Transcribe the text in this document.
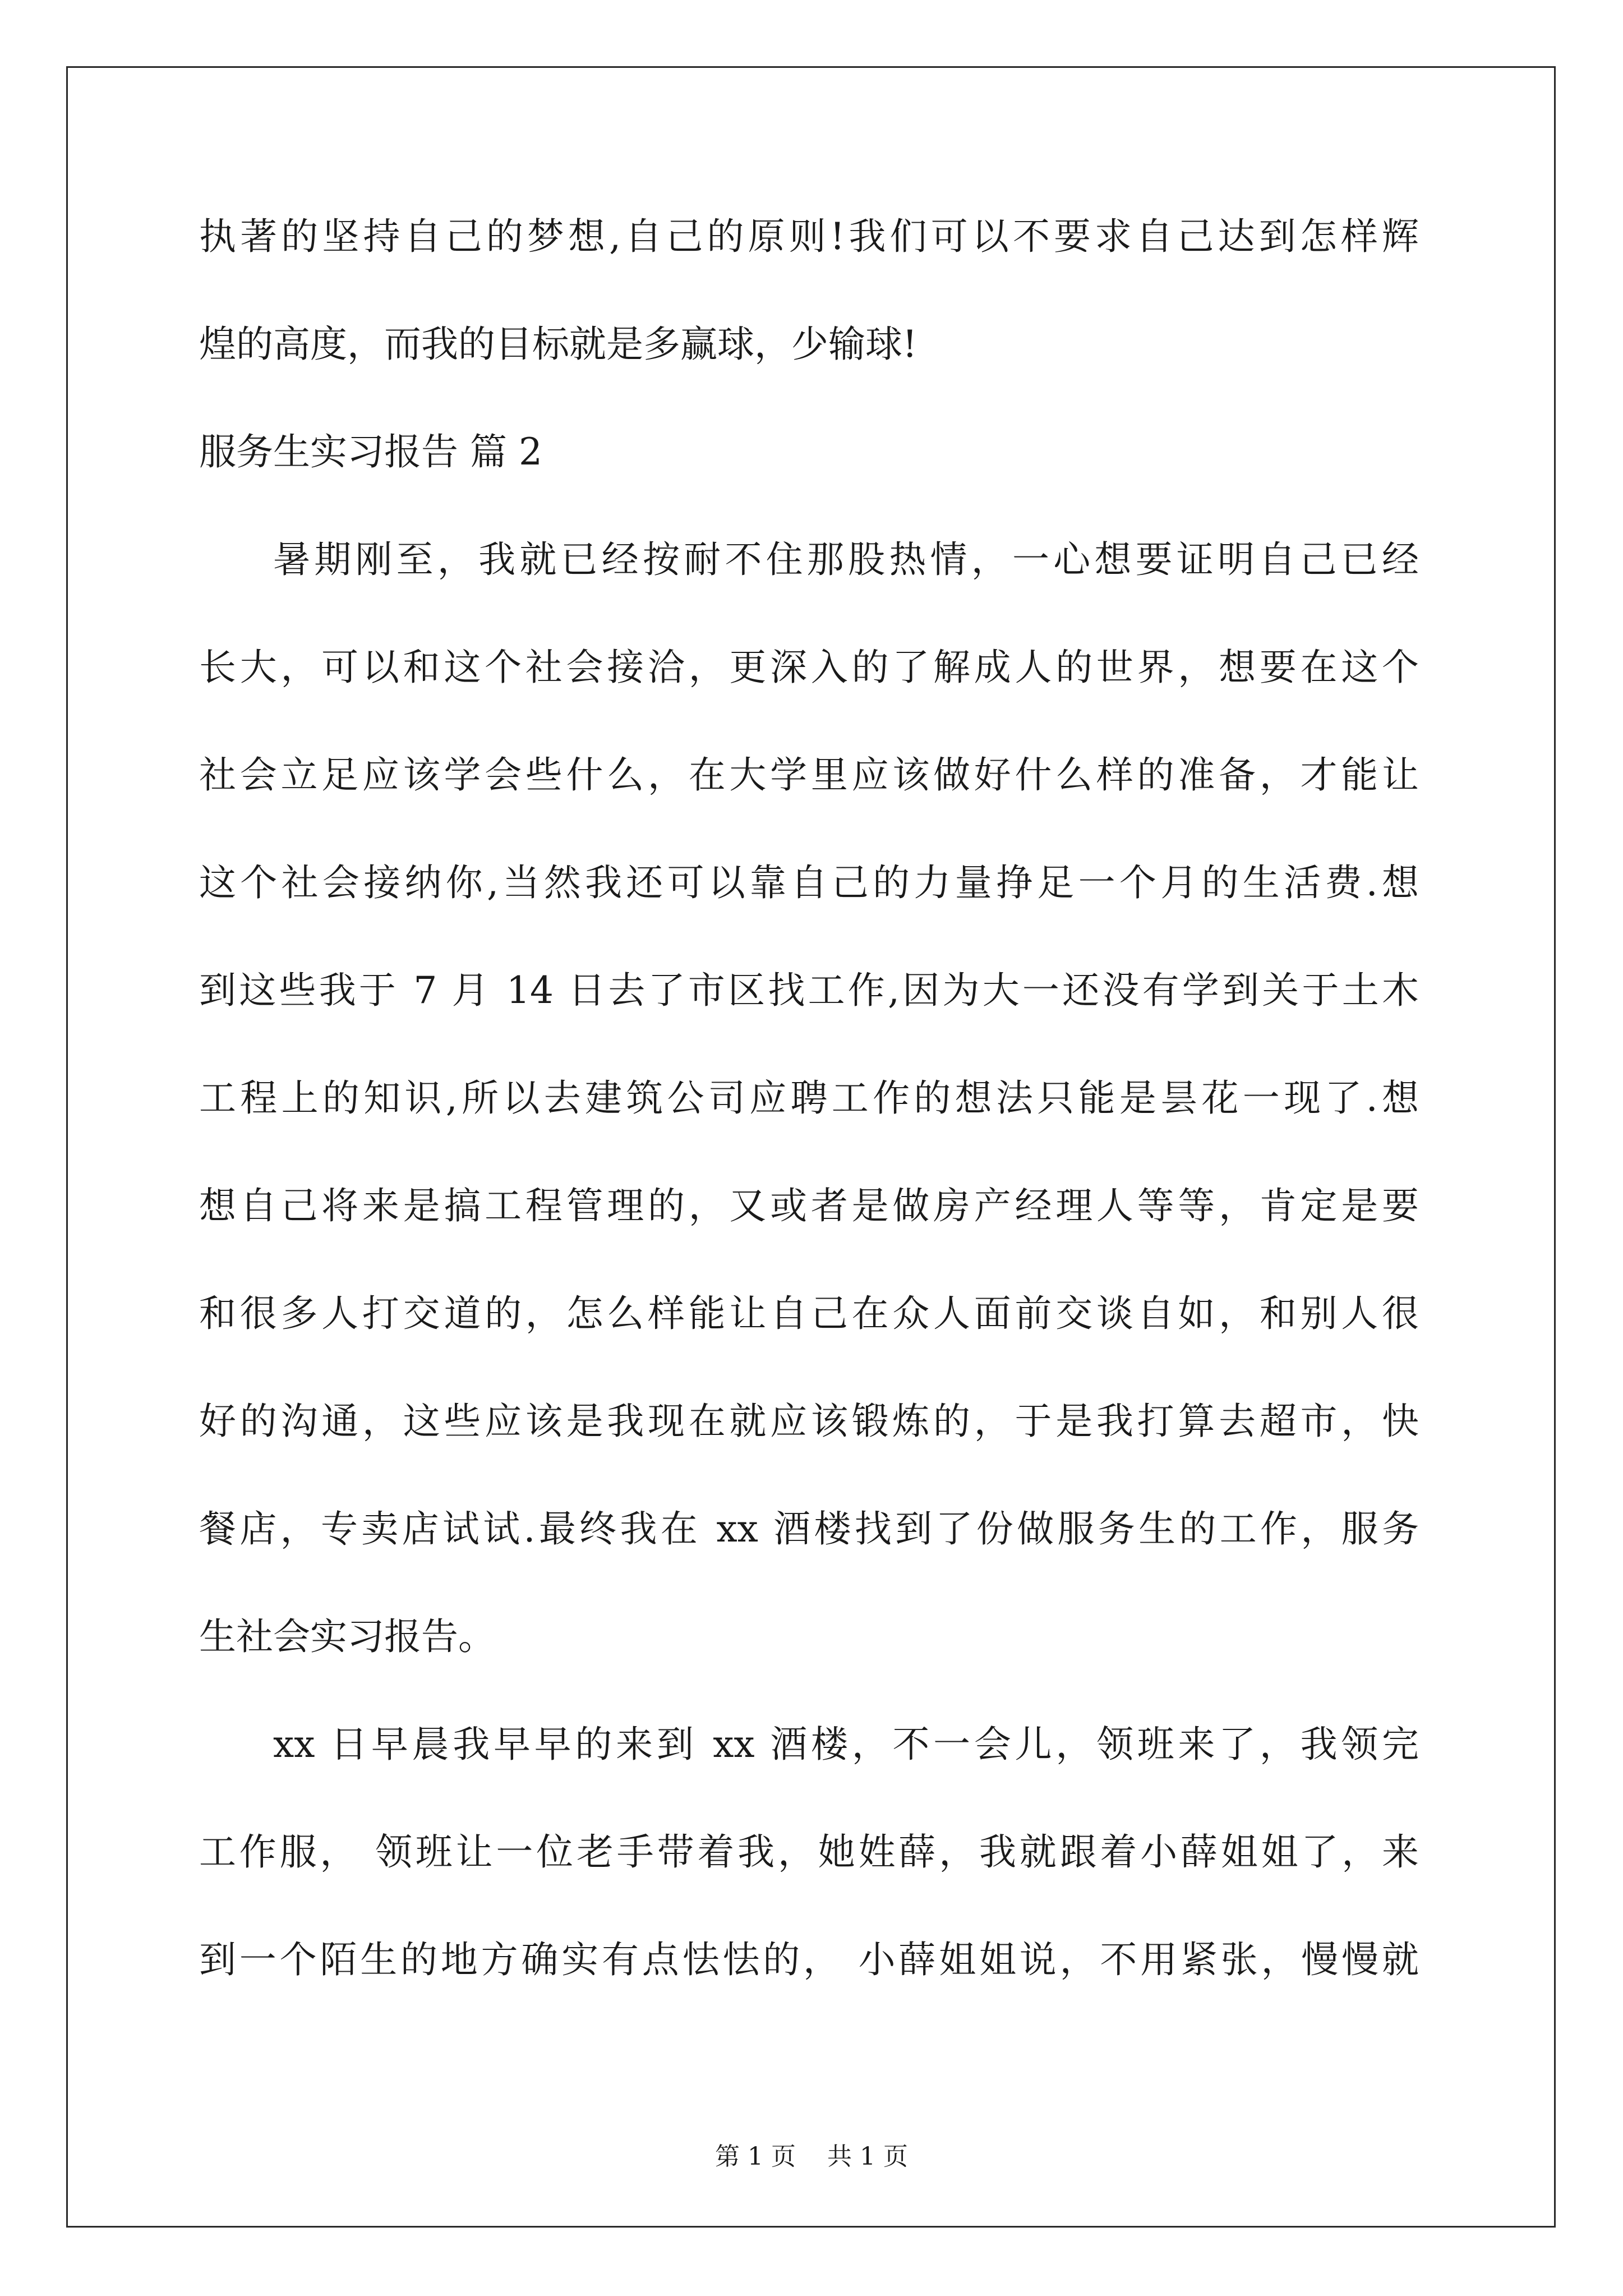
执著的坚持自己的梦想,自己的原则!我们可以不要求自己达到怎样辉
煌的高度，而我的目标就是多赢球，少输球!
服务生实习报告 篇 2
暑期刚至，我就已经按耐不住那股热情，一心想要证明自己已经
长大，可以和这个社会接洽，更深入的了解成人的世界，想要在这个
社会立足应该学会些什么，在大学里应该做好什么样的准备，才能让
这个社会接纳你,当然我还可以靠自己的力量挣足一个月的生活费.想
到这些我于 7 月 14 日去了市区找工作,因为大一还没有学到关于土木
工程上的知识,所以去建筑公司应聘工作的想法只能是昙花一现了.想
想自己将来是搞工程管理的，又或者是做房产经理人等等，肯定是要
和很多人打交道的，怎么样能让自己在众人面前交谈自如，和别人很
好的沟通，这些应该是我现在就应该锻炼的，于是我打算去超市，快
餐店，专卖店试试.最终我在 xx 酒楼找到了份做服务生的工作，服务
生社会实习报告。
xx 日早晨我早早的来到 xx 酒楼，不一会儿，领班来了，我领完
工作服， 领班让一位老手带着我，她姓薛，我就跟着小薛姐姐了，来
到一个陌生的地方确实有点怯怯的， 小薛姐姐说，不用紧张，慢慢就
第 1 页 共 1 页
